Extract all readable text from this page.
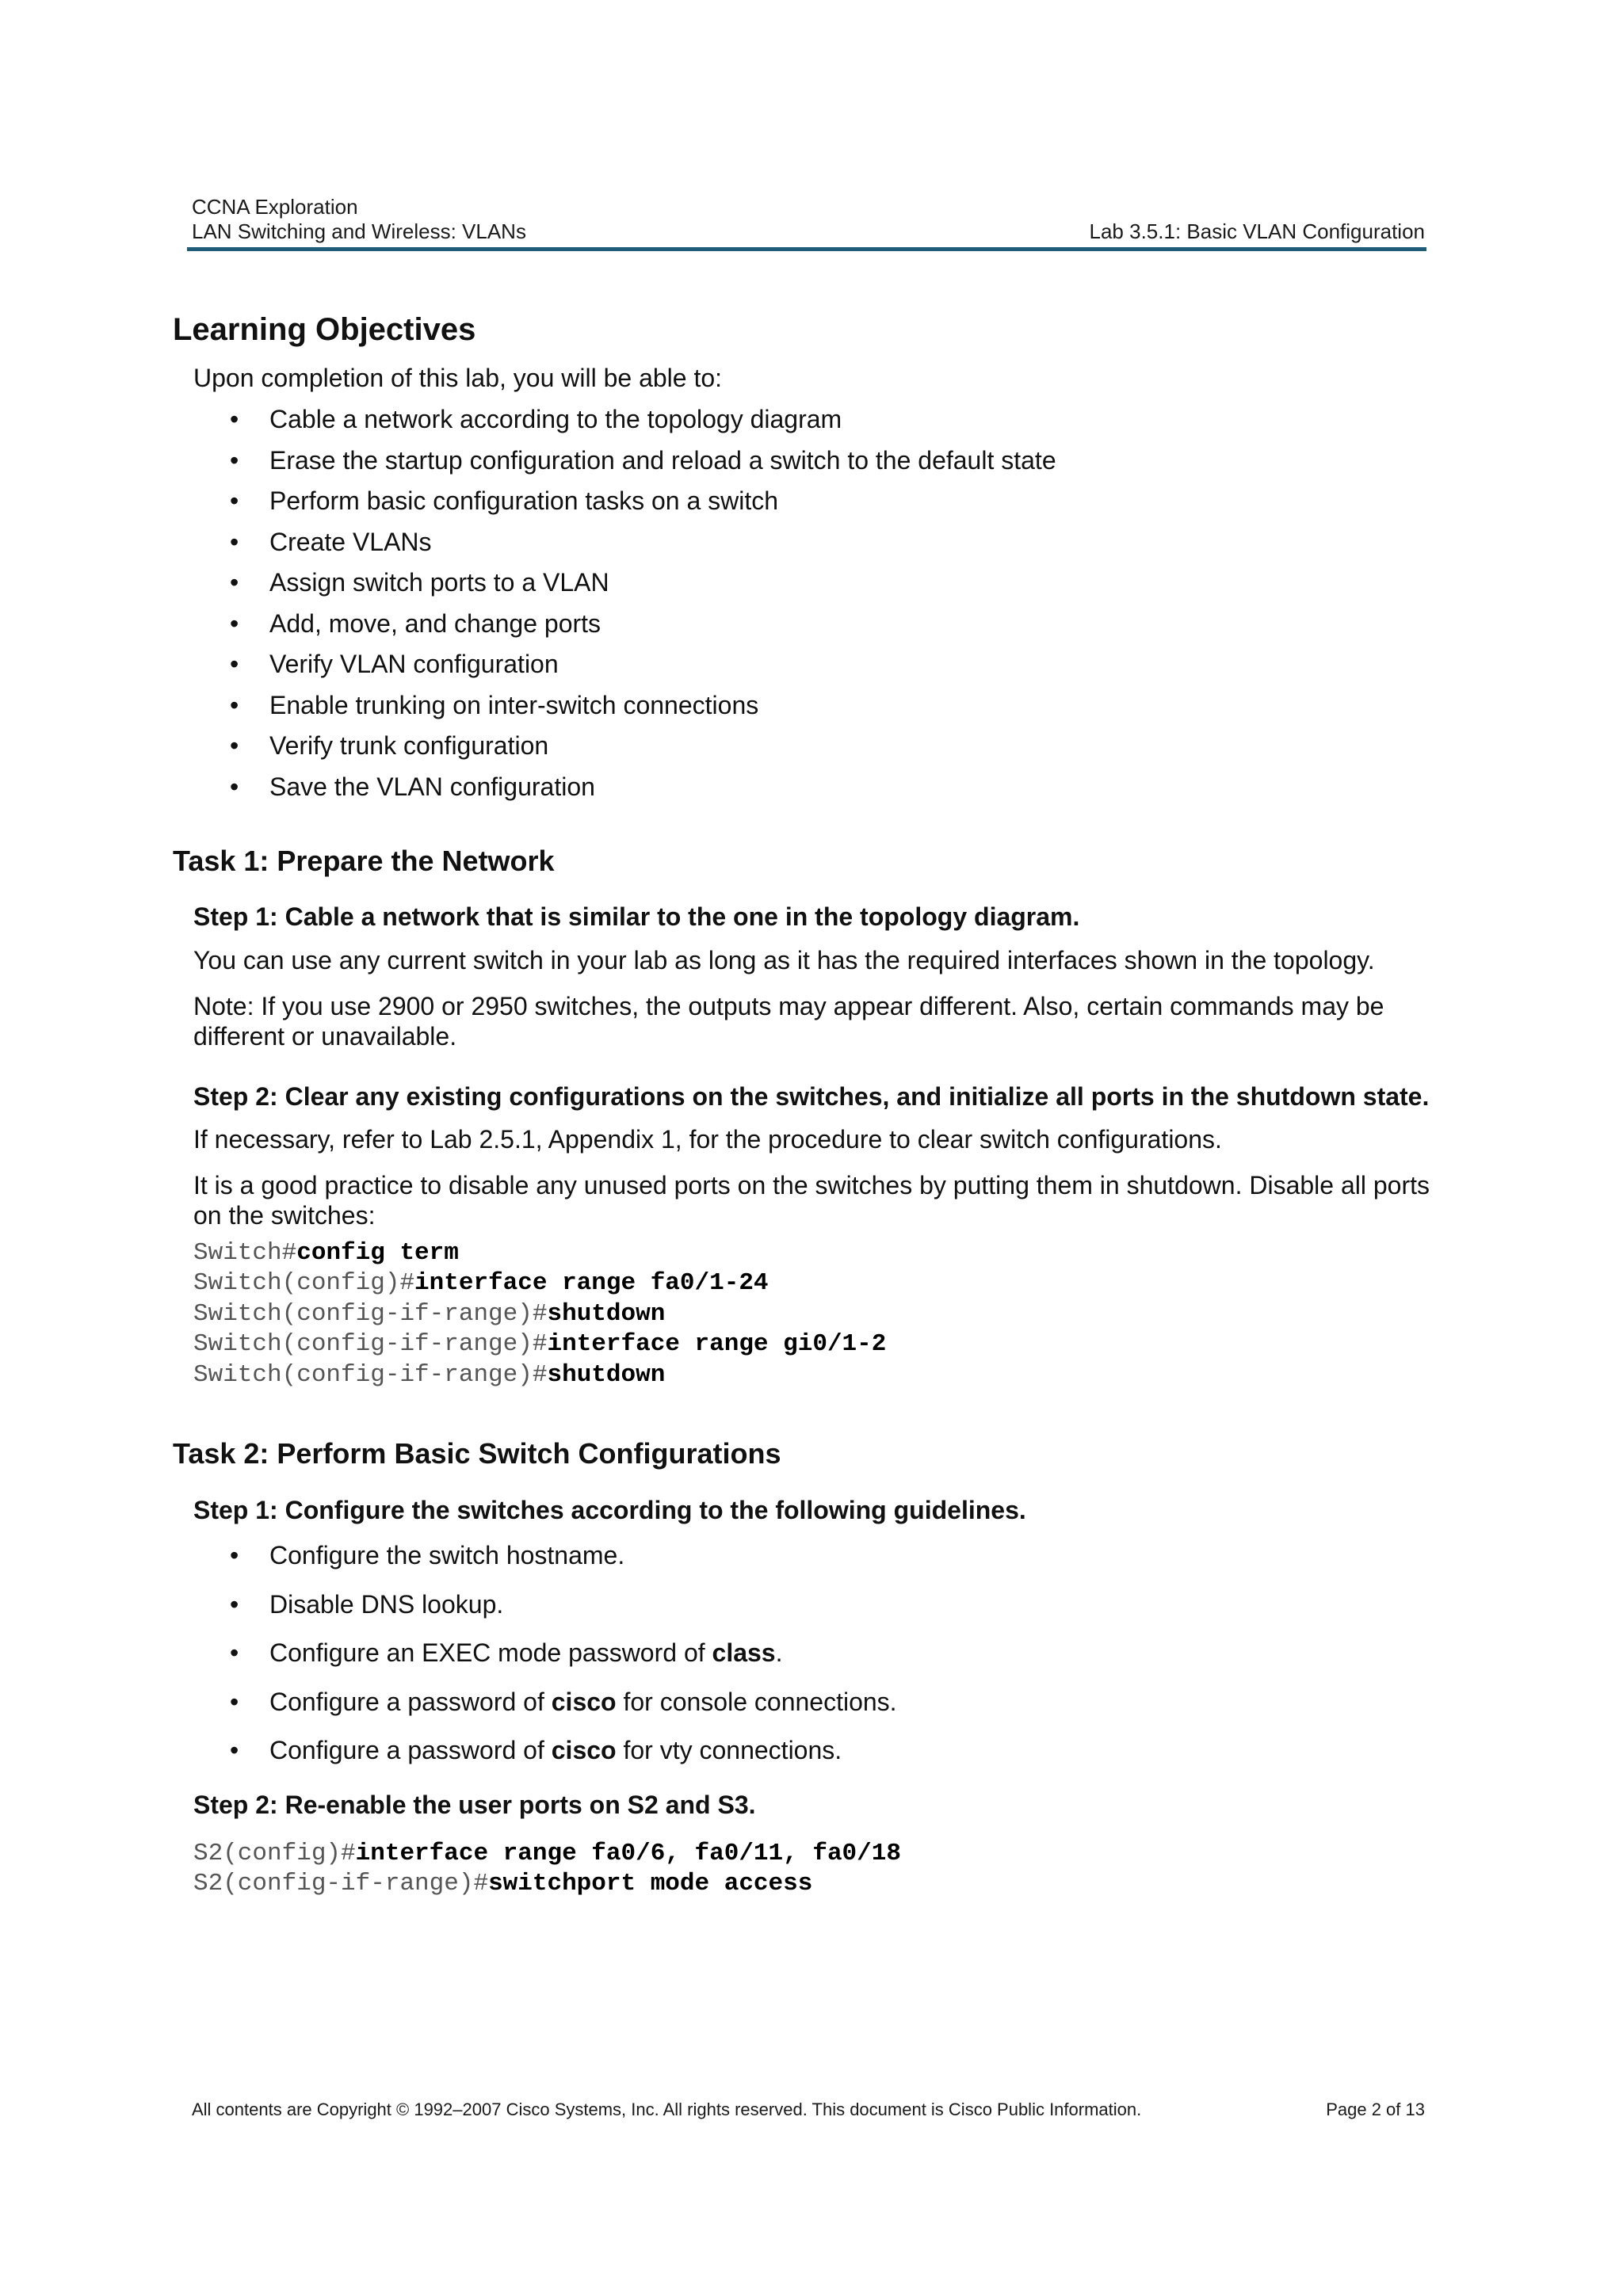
CCNA Exploration
LAN Switching and Wireless: VLANs	Lab 3.5.1: Basic VLAN Configuration
Learning Objectives

Upon completion of this lab, you will be able to:

• Cable a network according to the topology diagram
• Erase the startup configuration and reload a switch to the default state
• Perform basic configuration tasks on a switch
• Create VLANs
• Assign switch ports to a VLAN
• Add, move, and change ports
• Verify VLAN configuration
• Enable trunking on inter-switch connections
• Verify trunk configuration
• Save the VLAN configuration
Task 1: Prepare the Network
Step 1: Cable a network that is similar to the one in the topology diagram.

You can use any current switch in your lab as long as it has the required interfaces shown in the topology.

Note: If you use 2900 or 2950 switches, the outputs may appear different. Also, certain commands may be different or unavailable.

Step 2: Clear any existing configurations on the switches, and initialize all ports in the shutdown state.

If necessary, refer to Lab 2.5.1, Appendix 1, for the procedure to clear switch configurations.

It is a good practice to disable any unused ports on the switches by putting them in shutdown. Disable all ports on the switches:

Switch#config term
Switch(config)#interface range fa0/1-24
Switch(config-if-range)#shutdown
Switch(config-if-range)#interface range gi0/1-2
Switch(config-if-range)#shutdown
Task 2: Perform Basic Switch Configurations
Step 1: Configure the switches according to the following guidelines.
• Configure the switch hostname.
• Disable DNS lookup.
• Configure an EXEC mode password of class.
• Configure a password of cisco for console connections.
• Configure a password of cisco for vty connections.
Step 2: Re-enable the user ports on S2 and S3.
S2(config)#interface range fa0/6, fa0/11, fa0/18
S2(config-if-range)#switchport mode access
All contents are Copyright © 1992–2007 Cisco Systems, Inc. All rights reserved. This document is Cisco Public Information.	Page 2 of 13
